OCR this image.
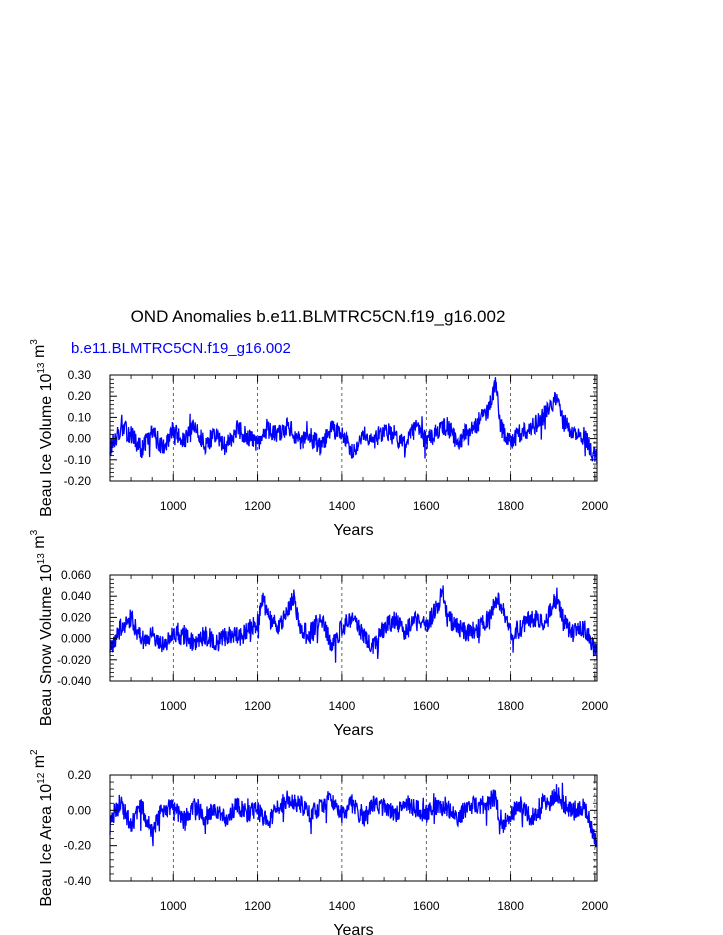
OND Anomalies b.e11.BLMTRC5CN.f19_g16.002
b.e11.BLMTRC5CN.f19_g16.002
1000	1200	1400	1600	1800	2000
-0.20
-0.10
0.00
0.10
0.20
0.30
Years
Beau Ice Volume $10^{13}$ $m^3$
1000	1200	1400	1600	1800	2000
-0.040
-0.020
0.000
0.020
0.040
0.060
Years
Beau Snow Volume $10^{13}$ $m^3$
1000	1200	1400	1600	1800	2000
-0.40
-0.20
0.00
0.20
Years
Beau Ice Area $10^{12}$ $m^2$
